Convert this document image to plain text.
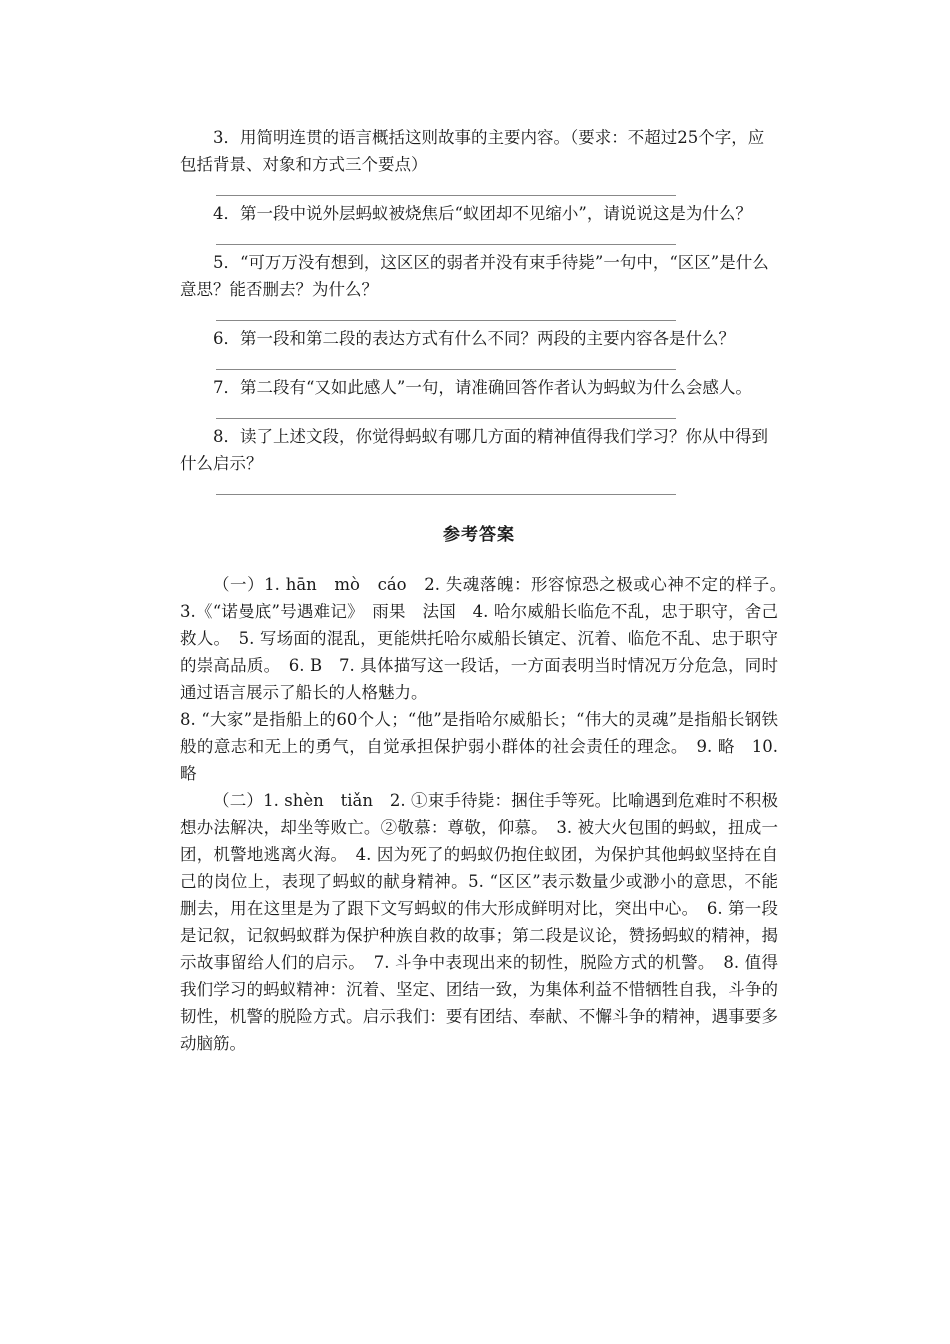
3．用简明连贯的语言概括这则故事的主要内容。（要求：不超过25个字，应包括背景、对象和方式三个要点）

4．第一段中说外层蚂蚁被烧焦后“蚁团却不见缩小”，请说说这是为什么？

5．“可万万没有想到，这区区的弱者并没有束手待毙”一句中，“区区”是什么意思？能否删去？为什么？

6．第一段和第二段的表达方式有什么不同？两段的主要内容各是什么？

7．第二段有“又如此感人”一句，请准确回答作者认为蚂蚁为什么会感人。

8．读了上述文段，你觉得蚂蚁有哪几方面的精神值得我们学习？你从中得到什么启示？

参考答案

（一）1. hān　mò　cáo　2. 失魂落魄：形容惊恐之极或心神不定的样子。　3.《“诺曼底”号遇难记》　雨果　法国　4. 哈尔威船长临危不乱，忠于职守，舍己救人。　5. 写场面的混乱，更能烘托哈尔威船长镇定、沉着、临危不乱、忠于职守的崇高品质。　6. B　7. 具体描写这一段话，一方面表明当时情况万分危急，同时通过语言展示了船长的人格魅力。

8. “大家”是指船上的60个人；“他”是指哈尔威船长；“伟大的灵魂”是指船长钢铁般的意志和无上的勇气，自觉承担保护弱小群体的社会责任的理念。　9. 略　10. 略

（二）1. shèn　tiǎn　2. ①束手待毙：捆住手等死。比喻遇到危难时不积极想办法解决，却坐等败亡。②敬慕：尊敬，仰慕。　3. 被大火包围的蚂蚁，扭成一团，机警地逃离火海。　4. 因为死了的蚂蚁仍抱住蚁团，为保护其他蚂蚁坚持在自己的岗位上，表现了蚂蚁的献身精神。5. “区区”表示数量少或渺小的意思，不能删去，用在这里是为了跟下文写蚂蚁的伟大形成鲜明对比，突出中心。　6. 第一段是记叙，记叙蚂蚁群为保护种族自救的故事；第二段是议论，赞扬蚂蚁的精神，揭示故事留给人们的启示。　7. 斗争中表现出来的韧性，脱险方式的机警。　8. 值得我们学习的蚂蚁精神：沉着、坚定、团结一致，为集体利益不惜牺牲自我，斗争的韧性，机警的脱险方式。启示我们：要有团结、奉献、不懈斗争的精神，遇事要多动脑筋。
